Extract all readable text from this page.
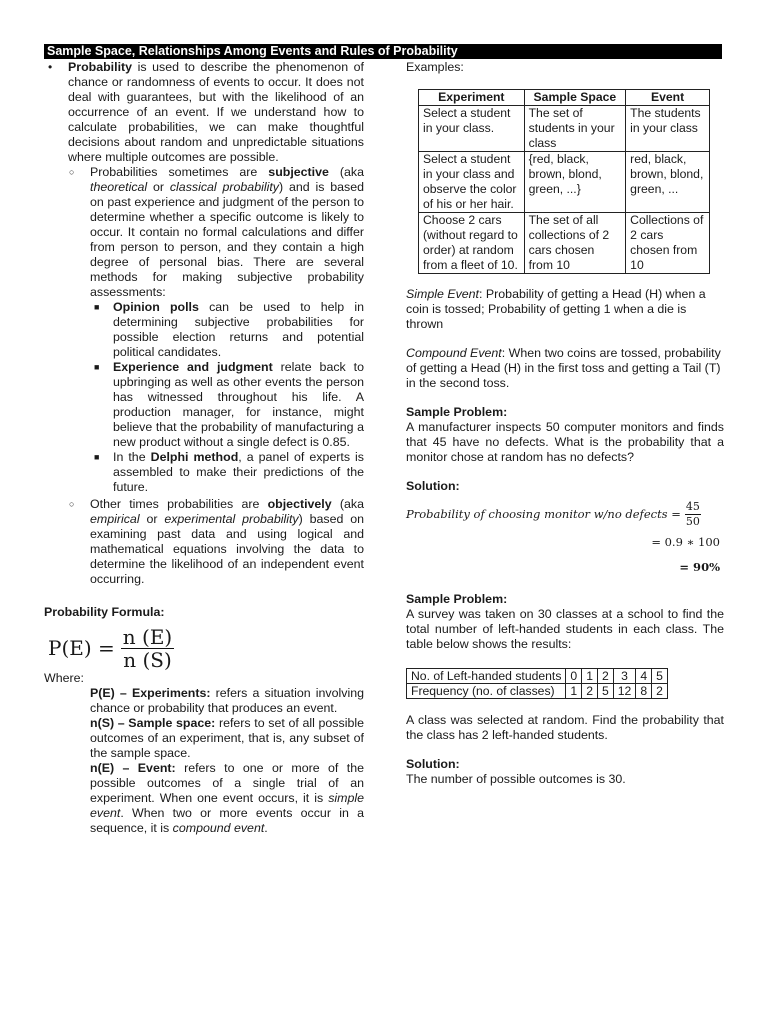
Sample Space, Relationships Among Events and Rules of Probability
•	Probability is used to describe the phenomenon of chance or randomness of events to occur. It does not deal with guarantees, but with the likelihood of an occurrence of an event. If we understand how to calculate probabilities, we can make thoughtful decisions about random and unpredictable situations where multiple outcomes are possible.

○	Probabilities sometimes are subjective (aka theoretical or classical probability) and is based on past experience and judgment of the person to determine whether a specific outcome is likely to occur. It contain no formal calculations and differ from person to person, and they contain a high degree of personal bias. There are several methods for making subjective probability assessments:

■	Opinion polls can be used to help in determining subjective probabilities for possible election returns and potential political candidates.

■	Experience and judgment relate back to upbringing as well as other events the person has witnessed throughout his life. A production manager, for instance, might believe that the probability of manufacturing a new product without a single defect is 0.85.

■	In the Delphi method, a panel of experts is assembled to make their predictions of the future.

○	Other times probabilities are objectively (aka empirical or experimental probability) based on examining past data and using logical and mathematical equations involving the data to determine the likelihood of an independent event occurring.

Probability Formula:

$P(E) = \frac{n (E)}{n (S)}$

Where:

P(E) – Experiments: refers a situation involving chance or probability that produces an event.

n(S) – Sample space: refers to set of all possible outcomes of an experiment, that is, any subset of the sample space.

n(E) – Event: refers to one or more of the possible outcomes of a single trial of an experiment. When one event occurs, it is simple event. When two or more events occur in a sequence, it is compound event.

Examples:

Experiment	Sample Space	Event
Select a student in your class.	The set of students in your class	The students in your class
Select a student in your class and observe the color of his or her hair.	{red, black, brown, blond, green, ...}	red, black, brown, blond, green, ...
Choose 2 cars (without regard to order) at random from a fleet of 10.	The set of all collections of 2 cars chosen from 10	Collections of 2 cars chosen from 10

Simple Event: Probability of getting a Head (H) when a coin is tossed; Probability of getting 1 when a die is thrown

Compound Event: When two coins are tossed, probability of getting a Head (H) in the first toss and getting a Tail (T) in the second toss.

Sample Problem:

A manufacturer inspects 50 computer monitors and finds that 45 have no defects. What is the probability that a monitor chose at random has no defects?

Solution:

Probability of choosing monitor w/no defects = $\frac{45}{50}$
= 0.9 ∗ 100
= 90%

Sample Problem:

A survey was taken on 30 classes at a school to find the total number of left-handed students in each class. The table below shows the results:

No. of Left-handed students	0	1	2	3	4	5
Frequency (no. of classes)	1	2	5	12	8	2

A class was selected at random. Find the probability that the class has 2 left-handed students.

Solution:

The number of possible outcomes is 30.
